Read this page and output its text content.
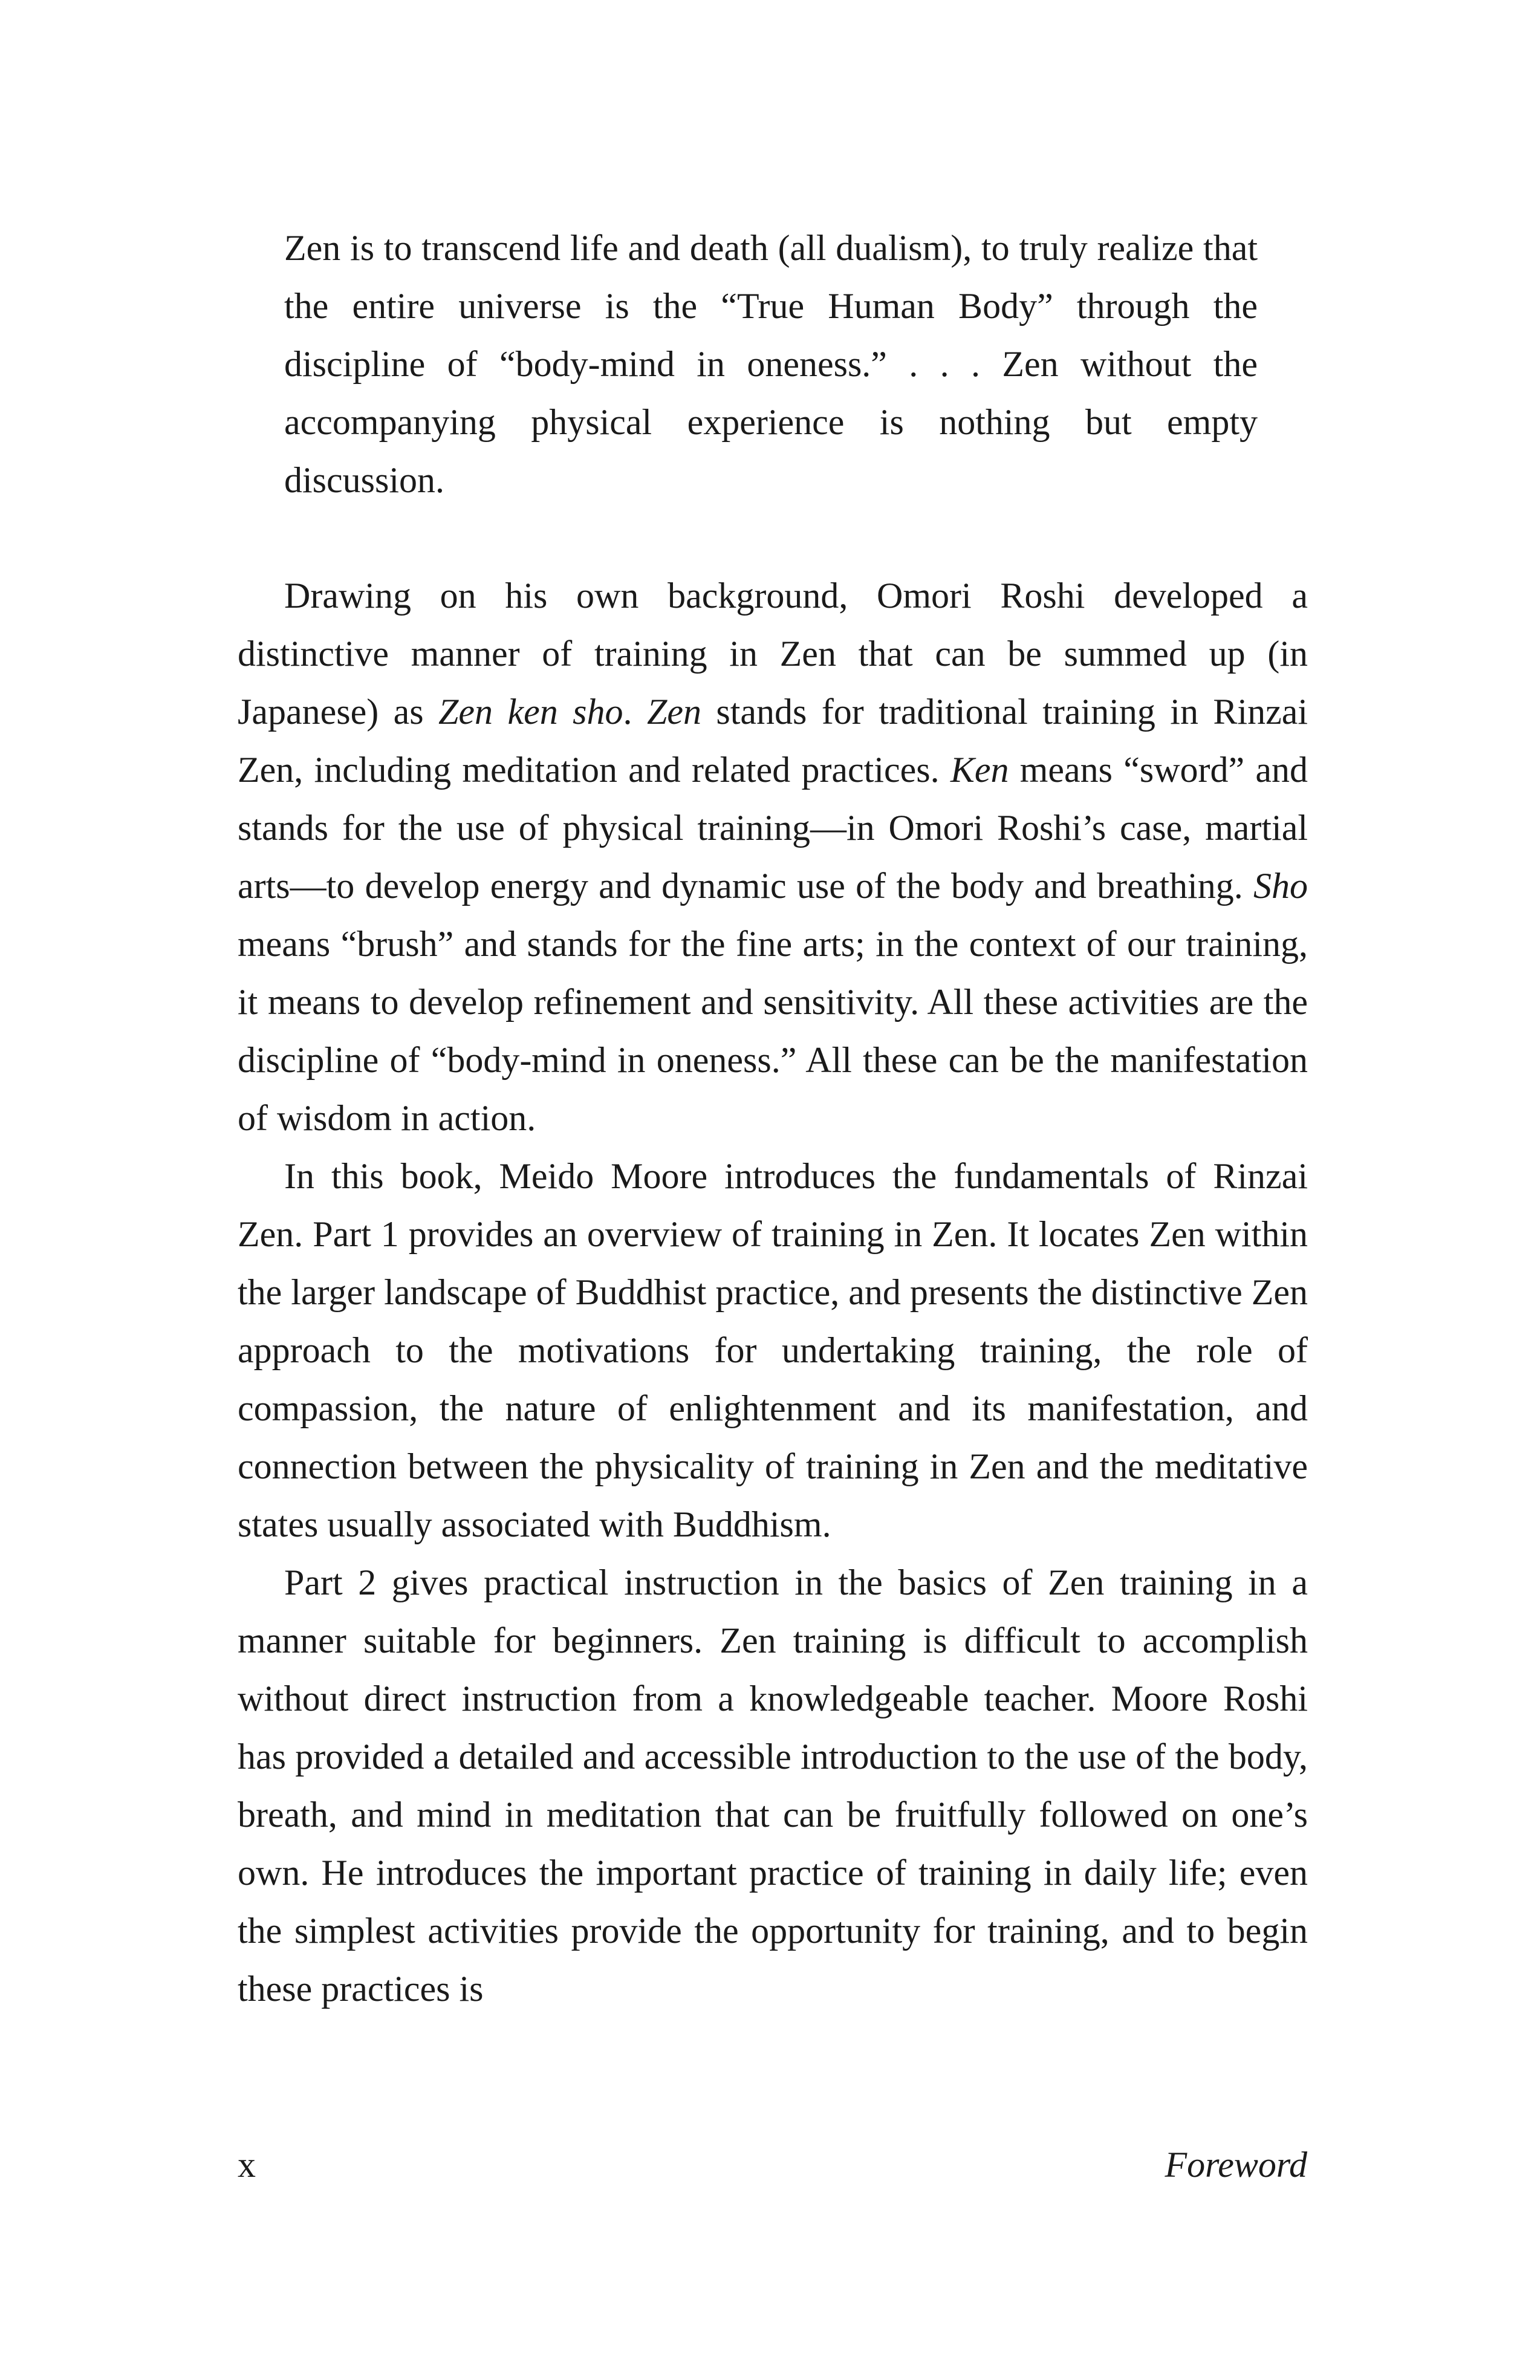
Zen is to transcend life and death (all dualism), to truly realize that the entire universe is the “True Human Body” through the discipline of “body-mind in oneness.” . . . Zen without the accompanying physical experience is nothing but empty discussion.

Drawing on his own background, Omori Roshi developed a distinctive manner of training in Zen that can be summed up (in Japanese) as Zen ken sho. Zen stands for traditional training in Rinzai Zen, including meditation and related practices. Ken means “sword” and stands for the use of physical training—in Omori Roshi’s case, martial arts—to develop energy and dynamic use of the body and breathing. Sho means “brush” and stands for the fine arts; in the context of our training, it means to develop refinement and sensitivity. All these activities are the discipline of “body-mind in oneness.” All these can be the manifestation of wisdom in action.

In this book, Meido Moore introduces the fundamentals of Rinzai Zen. Part 1 provides an overview of training in Zen. It locates Zen within the larger landscape of Buddhist practice, and presents the distinctive Zen approach to the motivations for undertaking training, the role of compassion, the nature of enlightenment and its manifestation, and connection between the physicality of training in Zen and the meditative states usually associated with Buddhism.

Part 2 gives practical instruction in the basics of Zen training in a manner suitable for beginners. Zen training is difficult to accomplish without direct instruction from a knowledgeable teacher. Moore Roshi has provided a detailed and accessible introduction to the use of the body, breath, and mind in meditation that can be fruitfully followed on one’s own. He introduces the important practice of training in daily life; even the simplest activities provide the opportunity for training, and to begin these practices is

x	Foreword
